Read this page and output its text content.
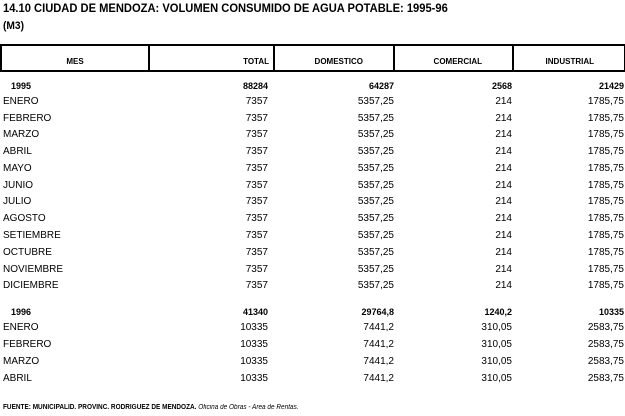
14.10 CIUDAD DE MENDOZA: VOLUMEN CONSUMIDO DE AGUA POTABLE: 1995-96
(M3)
MES	TOTAL	DOMESTICO	COMERCIAL	INDUSTRIAL
1995	88284	64287	2568	21429
ENERO	7357	5357,25	214	1785,75
FEBRERO	7357	5357,25	214	1785,75
MARZO	7357	5357,25	214	1785,75
ABRIL	7357	5357,25	214	1785,75
MAYO	7357	5357,25	214	1785,75
JUNIO	7357	5357,25	214	1785,75
JULIO	7357	5357,25	214	1785,75
AGOSTO	7357	5357,25	214	1785,75
SETIEMBRE	7357	5357,25	214	1785,75
OCTUBRE	7357	5357,25	214	1785,75
NOVIEMBRE	7357	5357,25	214	1785,75
DICIEMBRE	7357	5357,25	214	1785,75
1996	41340	29764,8	1240,2	10335
ENERO	10335	7441,2	310,05	2583,75
FEBRERO	10335	7441,2	310,05	2583,75
MARZO	10335	7441,2	310,05	2583,75
ABRIL	10335	7441,2	310,05	2583,75
FUENTE: MUNICIPALID. PROVINC. RODRIGUEZ DE MENDOZA. Oficina de Obras - Area de Rentas.
